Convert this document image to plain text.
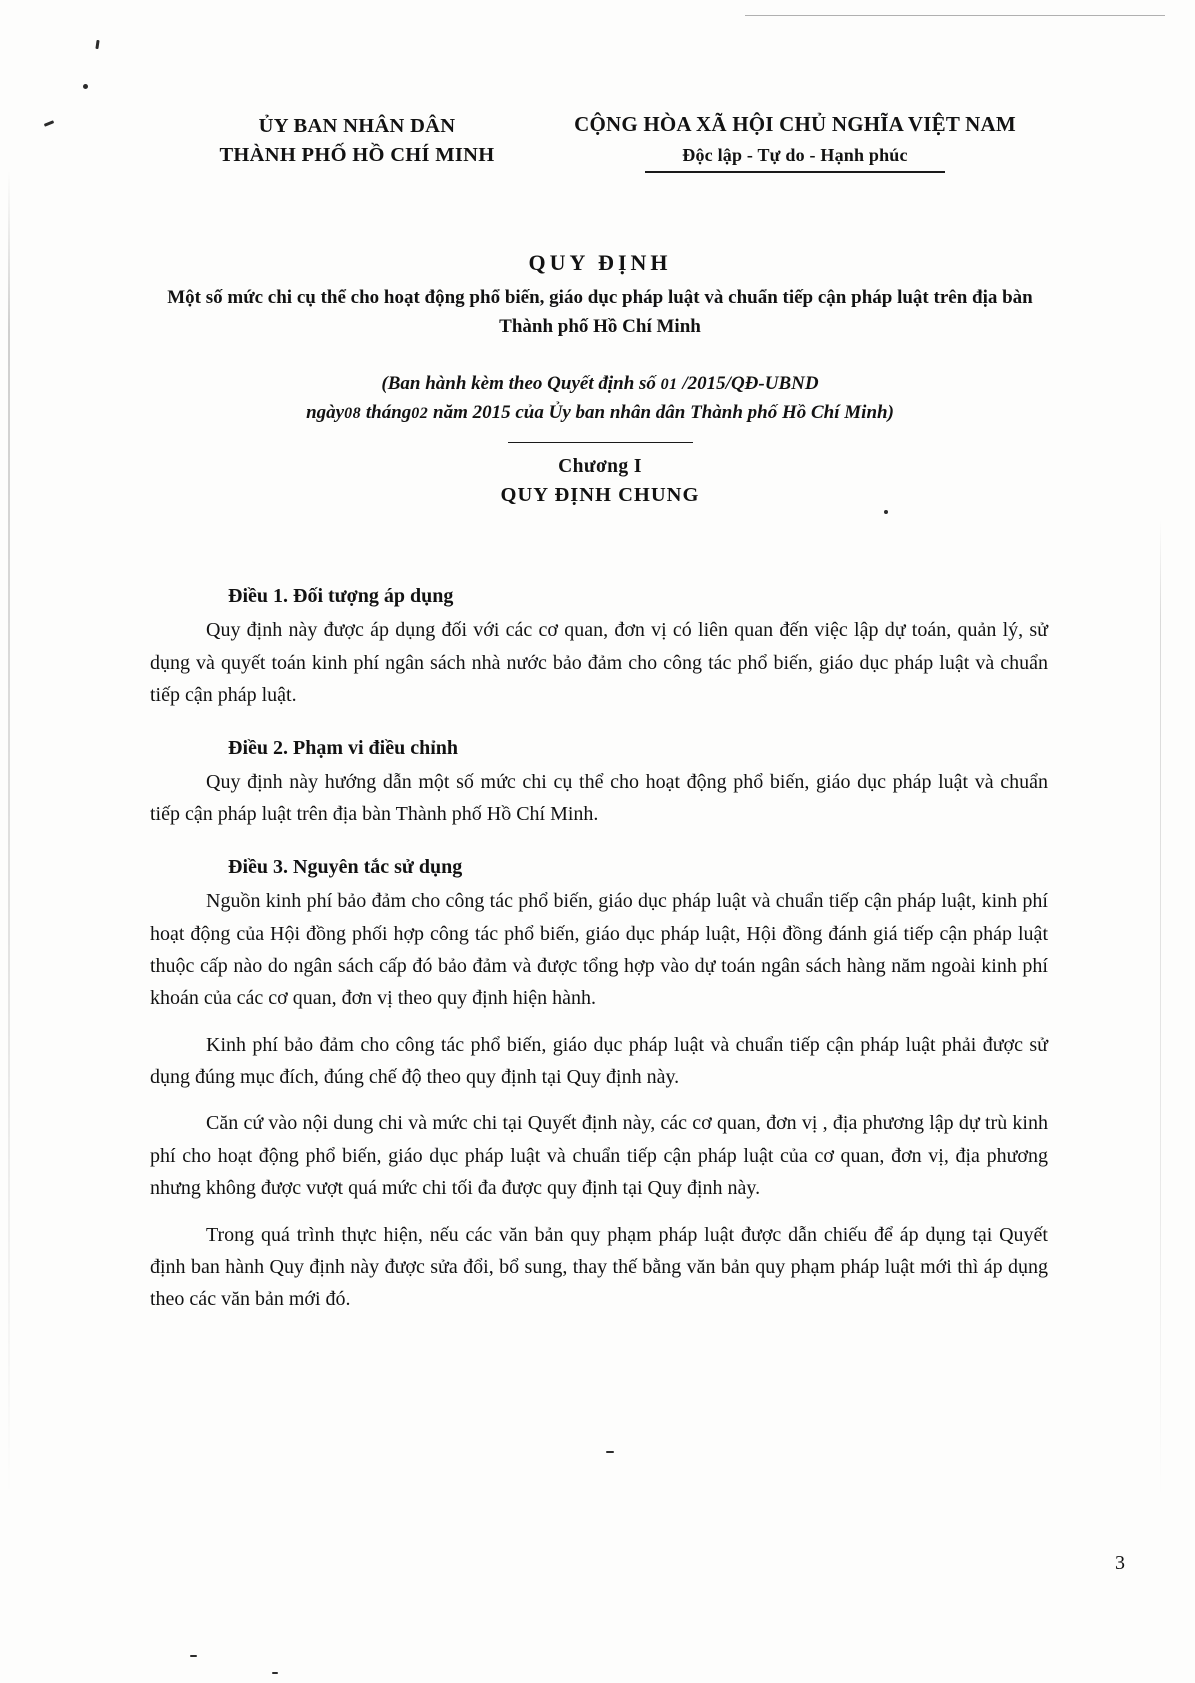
ỦY BAN NHÂN DÂN
THÀNH PHỐ HỒ CHÍ MINH
CỘNG HÒA XÃ HỘI CHỦ NGHĨA VIỆT NAM
Độc lập - Tự do - Hạnh phúc
QUY ĐỊNH
Một số mức chi cụ thể cho hoạt động phổ biến, giáo dục pháp luật và chuẩn tiếp cận pháp luật trên địa bàn Thành phố Hồ Chí Minh
(Ban hành kèm theo Quyết định số 01 /2015/QĐ-UBND
ngày08 tháng02 năm 2015 của Ủy ban nhân dân Thành phố Hồ Chí Minh)
Chương I
QUY ĐỊNH CHUNG
Điều 1. Đối tượng áp dụng

Quy định này được áp dụng đối với các cơ quan, đơn vị có liên quan đến việc lập dự toán, quản lý, sử dụng và quyết toán kinh phí ngân sách nhà nước bảo đảm cho công tác phổ biến, giáo dục pháp luật và chuẩn tiếp cận pháp luật.

Điều 2. Phạm vi điều chỉnh

Quy định này hướng dẫn một số mức chi cụ thể cho hoạt động phổ biến, giáo dục pháp luật và chuẩn tiếp cận pháp luật trên địa bàn Thành phố Hồ Chí Minh.

Điều 3. Nguyên tắc sử dụng

Nguồn kinh phí bảo đảm cho công tác phổ biến, giáo dục pháp luật và chuẩn tiếp cận pháp luật, kinh phí hoạt động của Hội đồng phối hợp công tác phổ biến, giáo dục pháp luật, Hội đồng đánh giá tiếp cận pháp luật thuộc cấp nào do ngân sách cấp đó bảo đảm và được tổng hợp vào dự toán ngân sách hàng năm ngoài kinh phí khoán của các cơ quan, đơn vị theo quy định hiện hành.

Kinh phí bảo đảm cho công tác phổ biến, giáo dục pháp luật và chuẩn tiếp cận pháp luật phải được sử dụng đúng mục đích, đúng chế độ theo quy định tại Quy định này.

Căn cứ vào nội dung chi và mức chi tại Quyết định này, các cơ quan, đơn vị , địa phương lập dự trù kinh phí cho hoạt động phổ biến, giáo dục pháp luật và chuẩn tiếp cận pháp luật của cơ quan, đơn vị, địa phương nhưng không được vượt quá mức chi tối đa được quy định tại Quy định này.

Trong quá trình thực hiện, nếu các văn bản quy phạm pháp luật được dẫn chiếu để áp dụng tại Quyết định ban hành Quy định này được sửa đổi, bổ sung, thay thế bằng văn bản quy phạm pháp luật mới thì áp dụng theo các văn bản mới đó.

3
